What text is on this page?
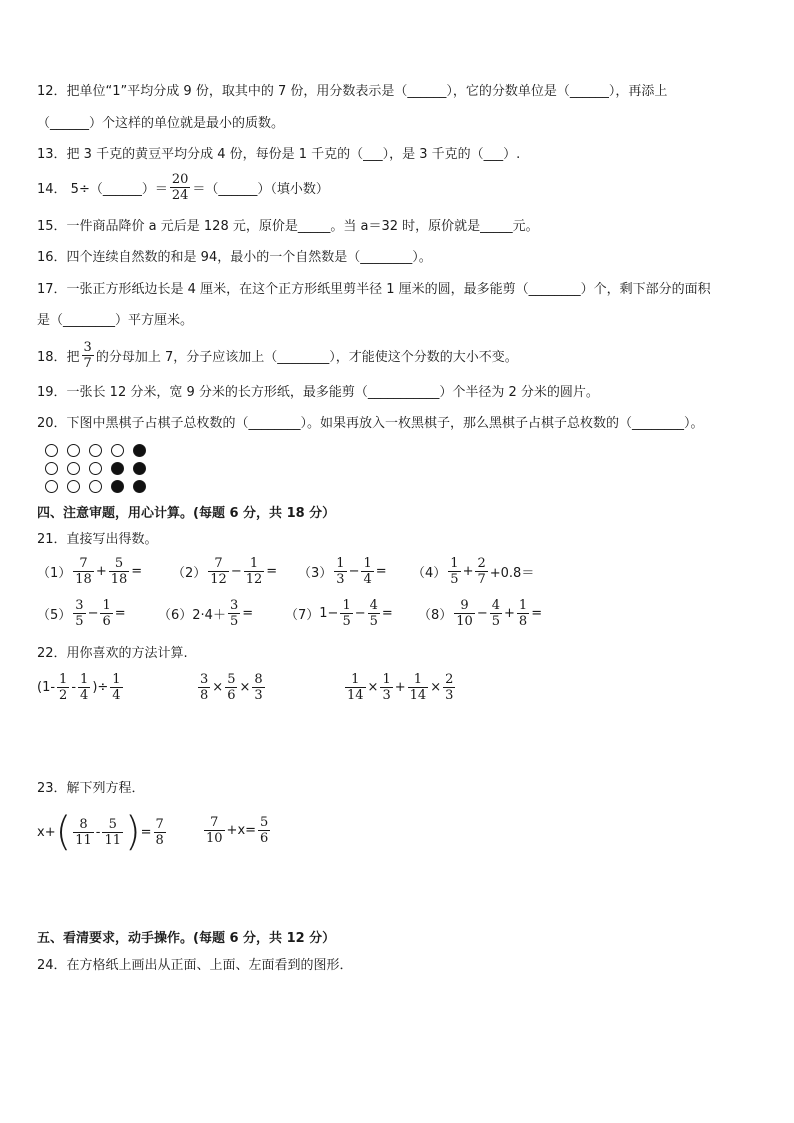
12．把单位“1”平均分成 9 份，取其中的 7 份，用分数表示是（______），它的分数单位是（______），再添上
（______）个这样的单位就是最小的质数。
13．把 3 千克的黄豆平均分成 4 份，每份是 1 千克的（___），是 3 千克的（___）.
14． 5÷（______）＝ $\frac{20}{24}$ ＝（______）（填小数）
15．一件商品降价 a 元后是 128 元，原价是_____。当 a＝32 时，原价就是_____元。
16．四个连续自然数的和是 94，最小的一个自然数是（________）。
17．一张正方形纸边长是 4 厘米，在这个正方形纸里剪半径 1 厘米的圆，最多能剪（________）个，剩下部分的面积
是（________）平方厘米。
18．把 $\frac{3}{7}$ 的分母加上 7，分子应该加上（________），才能使这个分数的大小不变。
19．一张长 12 分米，宽 9 分米的长方形纸，最多能剪（___________）个半径为 2 分米的圆片。
20．下图中黑棋子占棋子总枚数的（________）。如果再放入一枚黑棋子，那么黑棋子占棋子总枚数的（________）。
四、注意审题，用心计算。(每题 6 分，共 18 分）
21．直接写出得数。
$(1) \frac{7}{18} + \frac{5}{18} = (2) \frac{7}{12} - \frac{1}{12} = (3) \frac{1}{3} - \frac{1}{4} = (4) \frac{1}{5} + \frac{2}{7} +0.8=$
$(5) \frac{3}{5} - \frac{1}{6} = (6)$ $2\cdot 4+ \frac{3}{5} = (7)$ $1- \frac{1}{5} - \frac{4}{5} = (8) \frac{9}{10} - \frac{4}{5} + \frac{1}{8}$ =
22．用你喜欢的方法计算.
($1- \frac{1}{2} - \frac{1}{4}$ )÷ $\frac{1}{4}$	$\frac{3}{8} \times \frac{5}{6} \times \frac{8}{3}$	$\frac{1}{14} \times \frac{1}{3} + \frac{1}{14} \times \frac{2}{3}$
23．解下列方程．
x+ ( $\frac{8}{11} - \frac{5}{11}$ ) = $\frac{7}{8}$	$\frac{7}{10} +x= \frac{5}{6}$
五、看清要求，动手操作。(每题 6 分，共 12 分）
24．在方格纸上画出从正面、上面、左面看到的图形．
